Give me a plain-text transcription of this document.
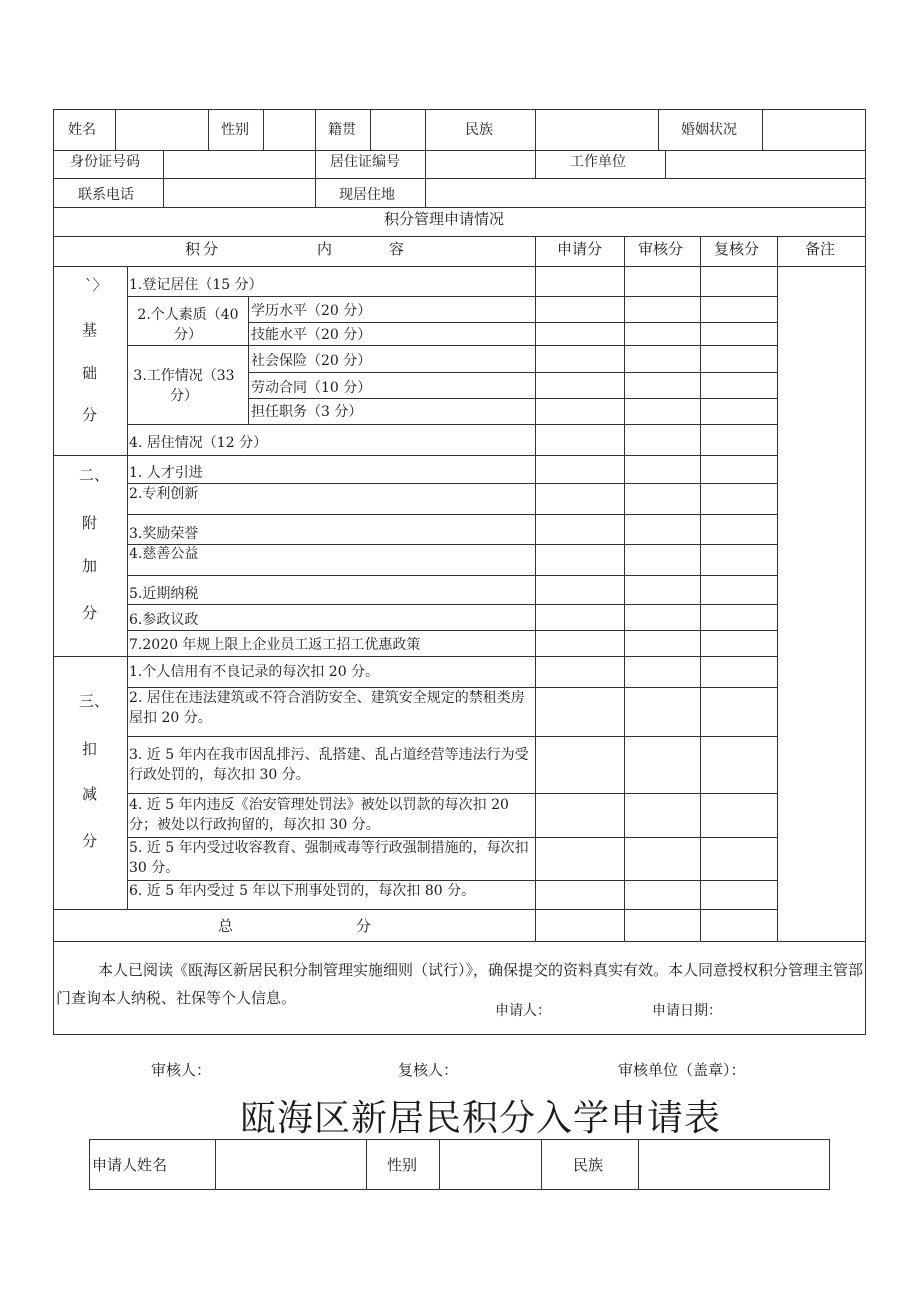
姓名	性别	籍贯	民族	婚姻状况
身份证号码	居住证编号	工作单位
联系电话	现居住地
积分管理申请情况
积 分	内	容	申请分 审核分 复核分	备注
`〉
基
础
分
1.登记居住（15 分）
2.个人素质（40 分）
学历水平（20 分）
技能水平（20 分）
3.工作情况（33 分）
社会保险（20 分）
劳动合同（10 分）
担任职务（3 分）
4. 居住情况（12 分）
二、
附
加
分
1. 人才引进
2.专利创新
3.奖励荣誉
4.慈善公益
5.近期纳税
6.参政议政
7.2020 年规上限上企业员工返工招工优惠政策
三、
扣
减
分
1.个人信用有不良记录的每次扣 20 分。
2. 居住在违法建筑或不符合消防安全、建筑安全规定的禁租类房屋扣 20 分。
3. 近 5 年内在我市因乱排污、乱搭建、乱占道经营等违法行为受行政处罚的，每次扣 30 分。
4. 近 5 年内违反《治安管理处罚法》被处以罚款的每次扣 20 分；被处以行政拘留的，每次扣 30 分。
5. 近 5 年内受过收容教育、强制戒毒等行政强制措施的，每次扣 30 分。
6. 近 5 年内受过 5 年以下刑事处罚的，每次扣 80 分。
总	分
本人已阅读《瓯海区新居民积分制管理实施细则（试行）》，确保提交的资料真实有效。本人同意授权积分管理主管部门查询本人纳税、社保等个人信息。
申请人：	申请日期：
审核人：	复核人：	审核单位（盖章）：
瓯海区新居民积分入学申请表
申请人姓名	性别	民族
